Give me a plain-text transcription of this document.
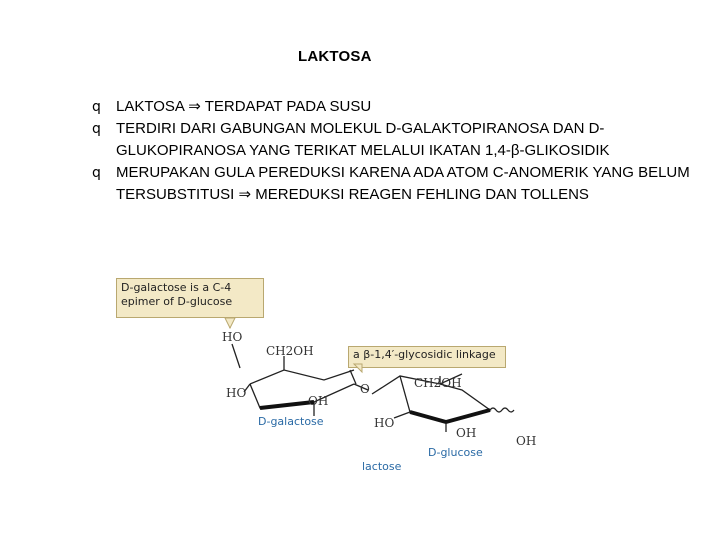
LAKTOSA
q LAKTOSA ⇒ TERDAPAT PADA SUSU
q TERDIRI DARI GABUNGAN MOLEKUL D-GALAKTOPIRANOSA DAN D-GLUKOPIRANOSA YANG TERIKAT MELALUI IKATAN 1,4-β-GLIKOSIDIK
q MERUPAKAN GULA PEREDUKSI KARENA ADA ATOM C-ANOMERIK YANG BELUM TERSUBSTITUSI ⇒ MEREDUKSI REAGEN FEHLING DAN TOLLENS
D-galactose is a C-4
epimer of D-glucose
a β-1,4′-glycosidic linkage
HO
CH2OH
HO
OH
O	CH2OH
HO
OH
OH
D-galactose
D-glucose
lactose
